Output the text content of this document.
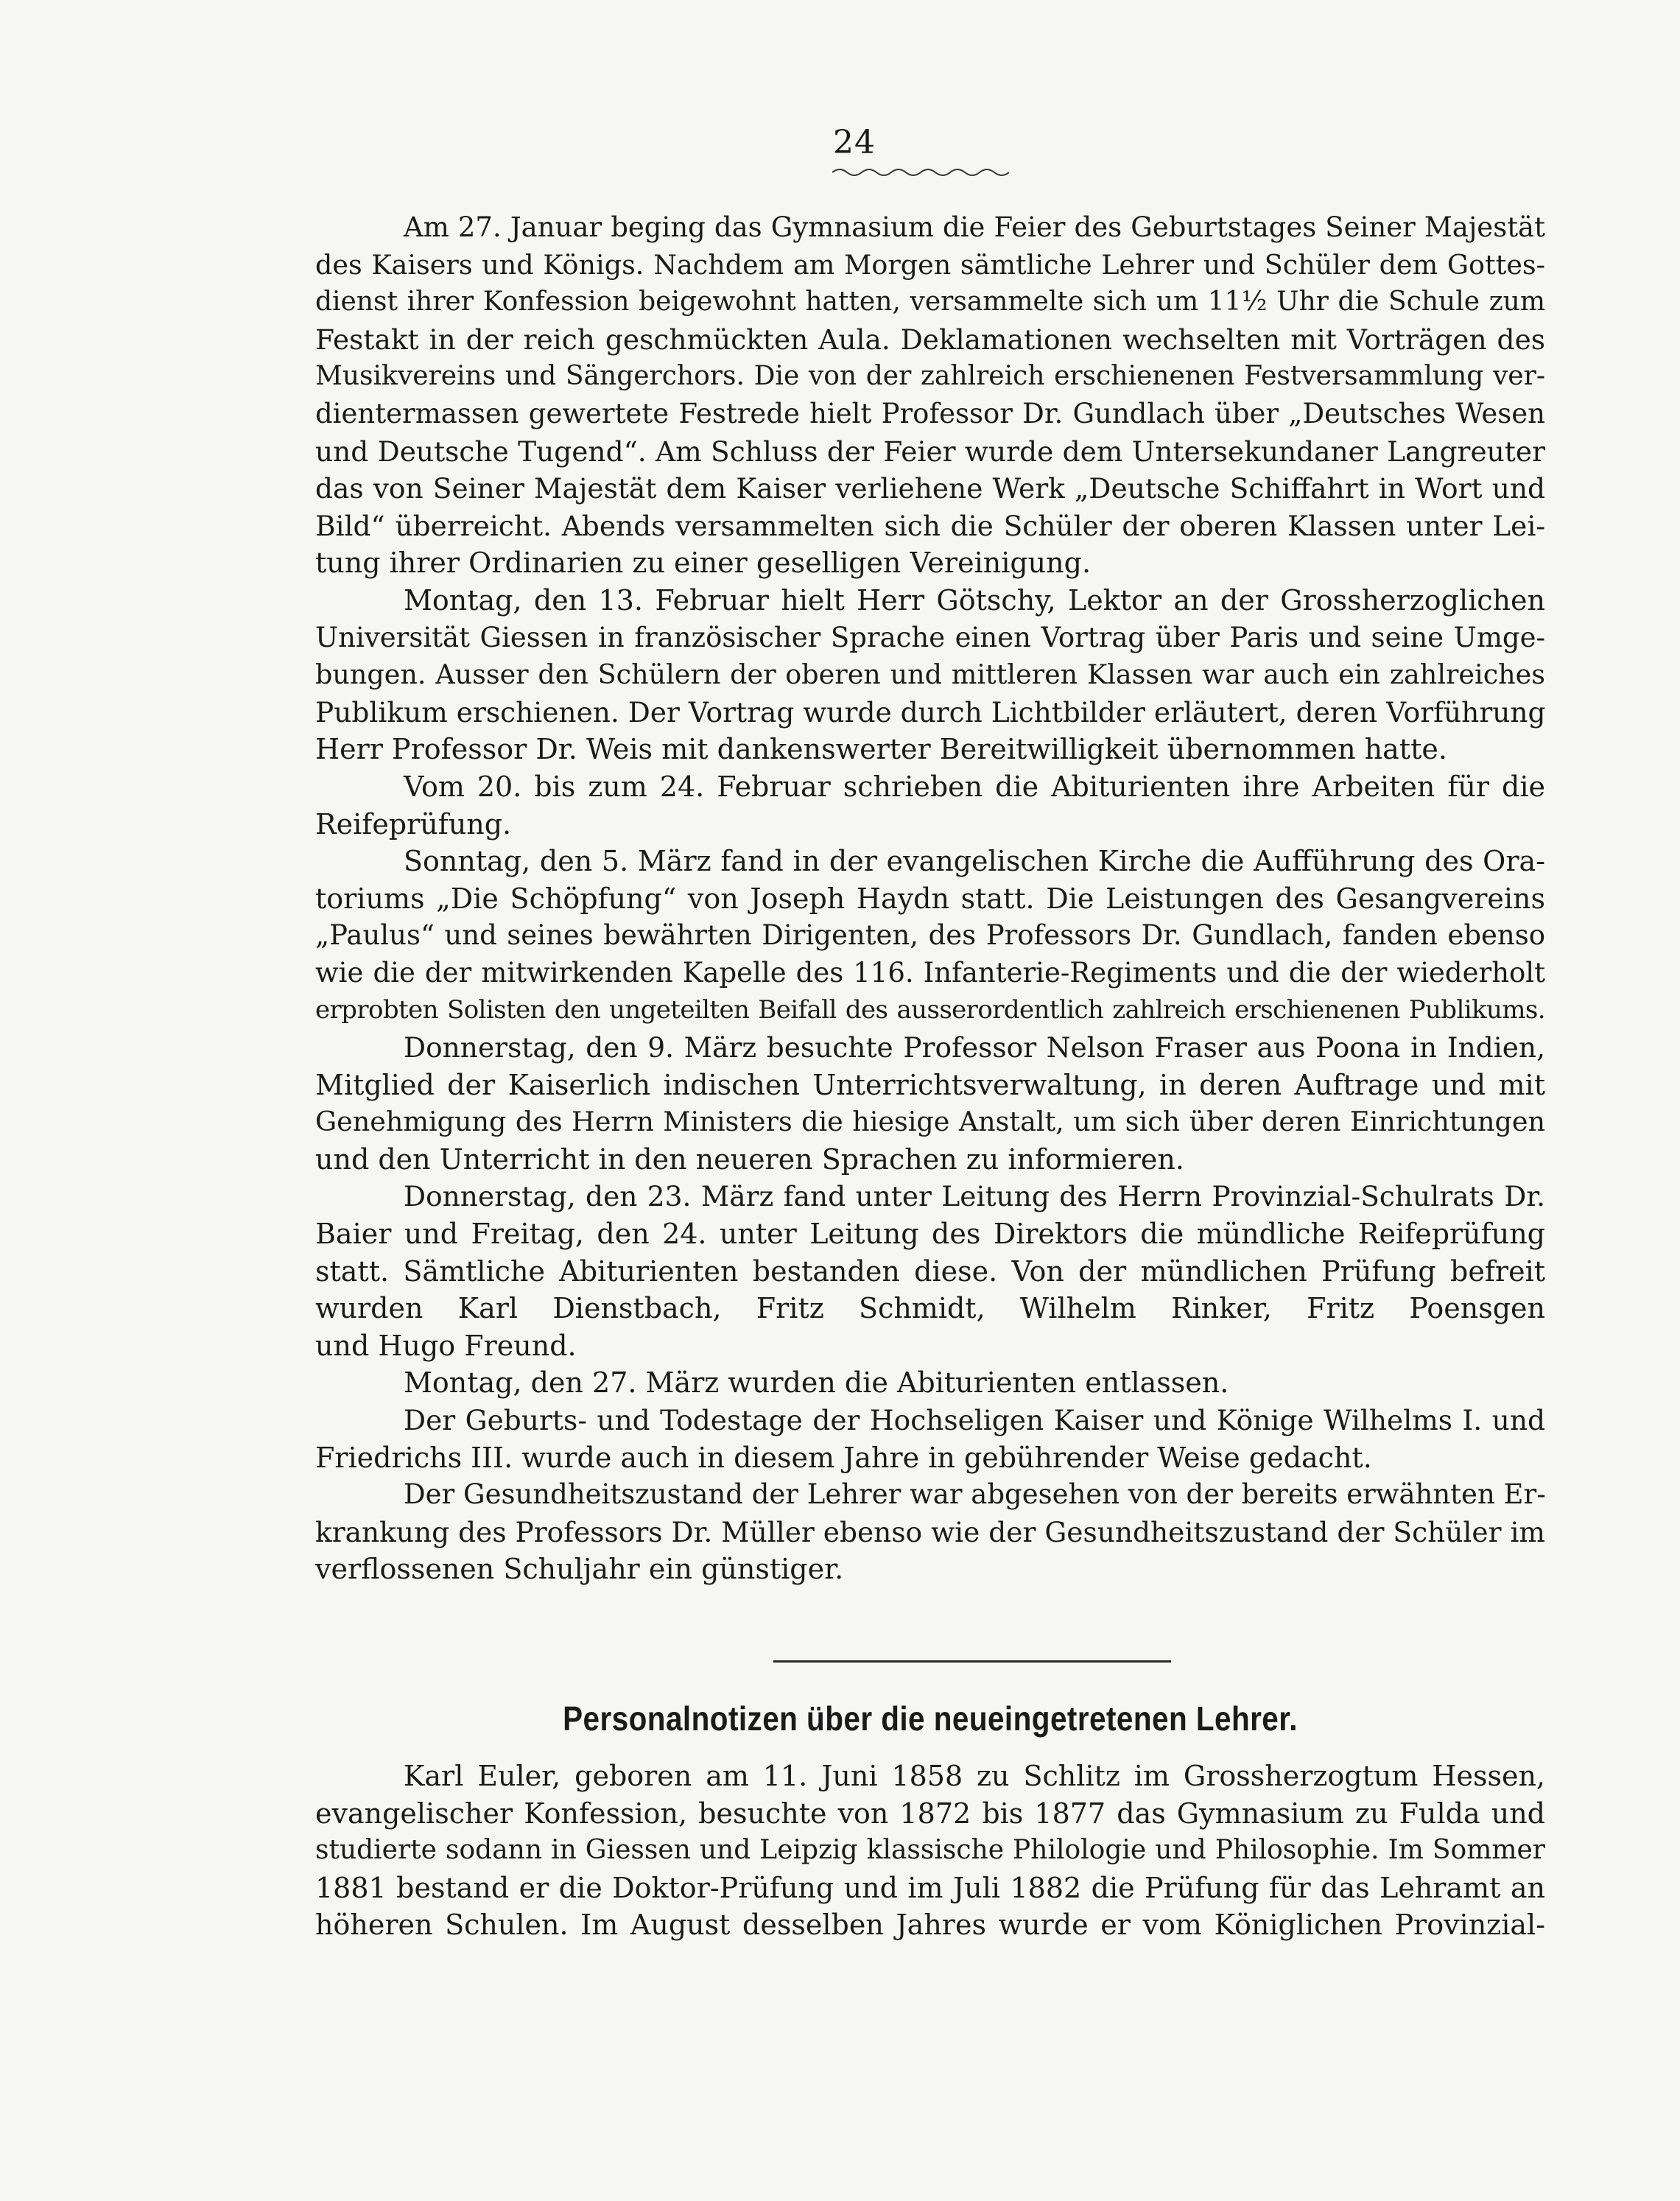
24
Am 27. Januar beging das Gymnasium die Feier des Geburtstages Seiner Majestät
des Kaisers und Königs. Nachdem am Morgen sämtliche Lehrer und Schüler dem Gottes-
dienst ihrer Konfession beigewohnt hatten, versammelte sich um 11½ Uhr die Schule zum
Festakt in der reich geschmückten Aula. Deklamationen wechselten mit Vorträgen des
Musikvereins und Sängerchors. Die von der zahlreich erschienenen Festversammlung ver-
dientermassen gewertete Festrede hielt Professor Dr. Gundlach über „Deutsches Wesen
und Deutsche Tugend“. Am Schluss der Feier wurde dem Untersekundaner Langreuter
das von Seiner Majestät dem Kaiser verliehene Werk „Deutsche Schiffahrt in Wort und
Bild“ überreicht. Abends versammelten sich die Schüler der oberen Klassen unter Lei-
tung ihrer Ordinarien zu einer geselligen Vereinigung.
Montag, den 13. Februar hielt Herr Götschy, Lektor an der Grossherzoglichen
Universität Giessen in französischer Sprache einen Vortrag über Paris und seine Umge-
bungen. Ausser den Schülern der oberen und mittleren Klassen war auch ein zahlreiches
Publikum erschienen. Der Vortrag wurde durch Lichtbilder erläutert, deren Vorführung
Herr Professor Dr. Weis mit dankenswerter Bereitwilligkeit übernommen hatte.
Vom 20. bis zum 24. Februar schrieben die Abiturienten ihre Arbeiten für die
Reifeprüfung.
Sonntag, den 5. März fand in der evangelischen Kirche die Aufführung des Ora-
toriums „Die Schöpfung“ von Joseph Haydn statt. Die Leistungen des Gesangvereins
„Paulus“ und seines bewährten Dirigenten, des Professors Dr. Gundlach, fanden ebenso
wie die der mitwirkenden Kapelle des 116. Infanterie-Regiments und die der wiederholt
erprobten Solisten den ungeteilten Beifall des ausserordentlich zahlreich erschienenen Publikums.
Donnerstag, den 9. März besuchte Professor Nelson Fraser aus Poona in Indien,
Mitglied der Kaiserlich indischen Unterrichtsverwaltung, in deren Auftrage und mit
Genehmigung des Herrn Ministers die hiesige Anstalt, um sich über deren Einrichtungen
und den Unterricht in den neueren Sprachen zu informieren.
Donnerstag, den 23. März fand unter Leitung des Herrn Provinzial-Schulrats Dr.
Baier und Freitag, den 24. unter Leitung des Direktors die mündliche Reifeprüfung
statt. Sämtliche Abiturienten bestanden diese. Von der mündlichen Prüfung befreit
wurden Karl Dienstbach, Fritz Schmidt, Wilhelm Rinker, Fritz Poensgen
und Hugo Freund.
Montag, den 27. März wurden die Abiturienten entlassen.
Der Geburts- und Todestage der Hochseligen Kaiser und Könige Wilhelms I. und
Friedrichs III. wurde auch in diesem Jahre in gebührender Weise gedacht.
Der Gesundheitszustand der Lehrer war abgesehen von der bereits erwähnten Er-
krankung des Professors Dr. Müller ebenso wie der Gesundheitszustand der Schüler im
verflossenen Schuljahr ein günstiger.
Personalnotizen über die neueingetretenen Lehrer.
Karl Euler, geboren am 11. Juni 1858 zu Schlitz im Grossherzogtum Hessen,
evangelischer Konfession, besuchte von 1872 bis 1877 das Gymnasium zu Fulda und
studierte sodann in Giessen und Leipzig klassische Philologie und Philosophie. Im Sommer
1881 bestand er die Doktor-Prüfung und im Juli 1882 die Prüfung für das Lehramt an
höheren Schulen. Im August desselben Jahres wurde er vom Königlichen Provinzial-
